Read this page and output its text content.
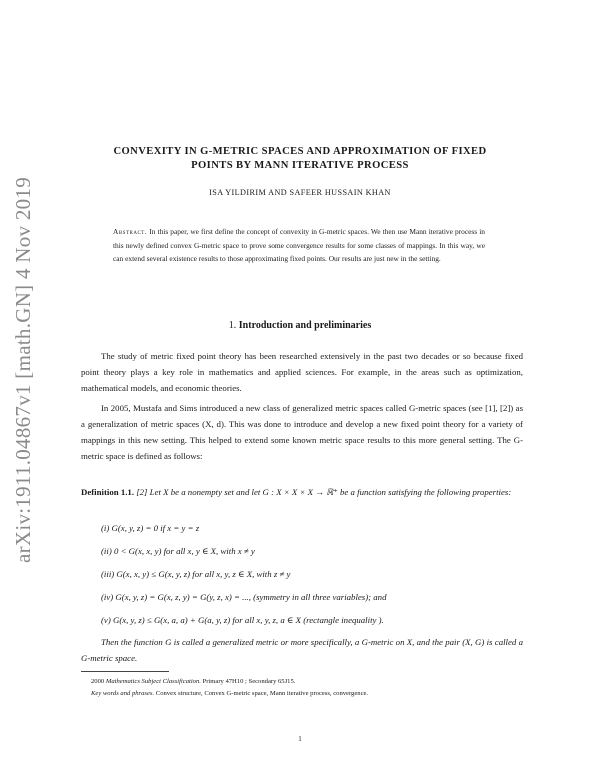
arXiv:1911.04867v1 [math.GN] 4 Nov 2019
CONVEXITY IN G-METRIC SPACES AND APPROXIMATION OF FIXED
POINTS BY MANN ITERATIVE PROCESS
ISA YILDIRIM AND SAFEER HUSSAIN KHAN
Abstract. In this paper, we first define the concept of convexity in G-metric spaces. We then use Mann iterative process in this newly defined convex G-metric space to prove some convergence results for some classes of mappings. In this way, we can extend several existence results to those approximating fixed points. Our results are just new in the setting.
1. Introduction and preliminaries

The study of metric fixed point theory has been researched extensively in the past two decades or so because fixed point theory plays a key role in mathematics and applied sciences. For example, in the areas such as optimization, mathematical models, and economic theories.

In 2005, Mustafa and Sims introduced a new class of generalized metric spaces called G-metric spaces (see [1], [2]) as a generalization of metric spaces (X, d). This was done to introduce and develop a new fixed point theory for a variety of mappings in this new setting. This helped to extend some known metric space results to this more general setting. The G-metric space is defined as follows:

Definition 1.1. [2] Let X be a nonempty set and let G : X × X × X → ℝ⁺ be a function satisfying the following properties:
(i) G(x, y, z) = 0 if x = y = z
(ii) 0 < G(x, x, y) for all x, y ∈ X, with x ≠ y
(iii) G(x, x, y) ≤ G(x, y, z) for all x, y, z ∈ X, with z ≠ y
(iv) G(x, y, z) = G(x, z, y) = G(y, z, x) = ..., (symmetry in all three variables); and
(v) G(x, y, z) ≤ G(x, a, a) + G(a, y, z) for all x, y, z, a ∈ X (rectangle inequality ).
Then the function G is called a generalized metric or more specifically, a G-metric on X, and the pair (X, G) is called a G-metric space.
2000 Mathematics Subject Classification. Primary 47H10 ; Secondary 65J15.
Key words and phrases. Convex structure, Convex G-metric space, Mann iterative process, convergence.
1
